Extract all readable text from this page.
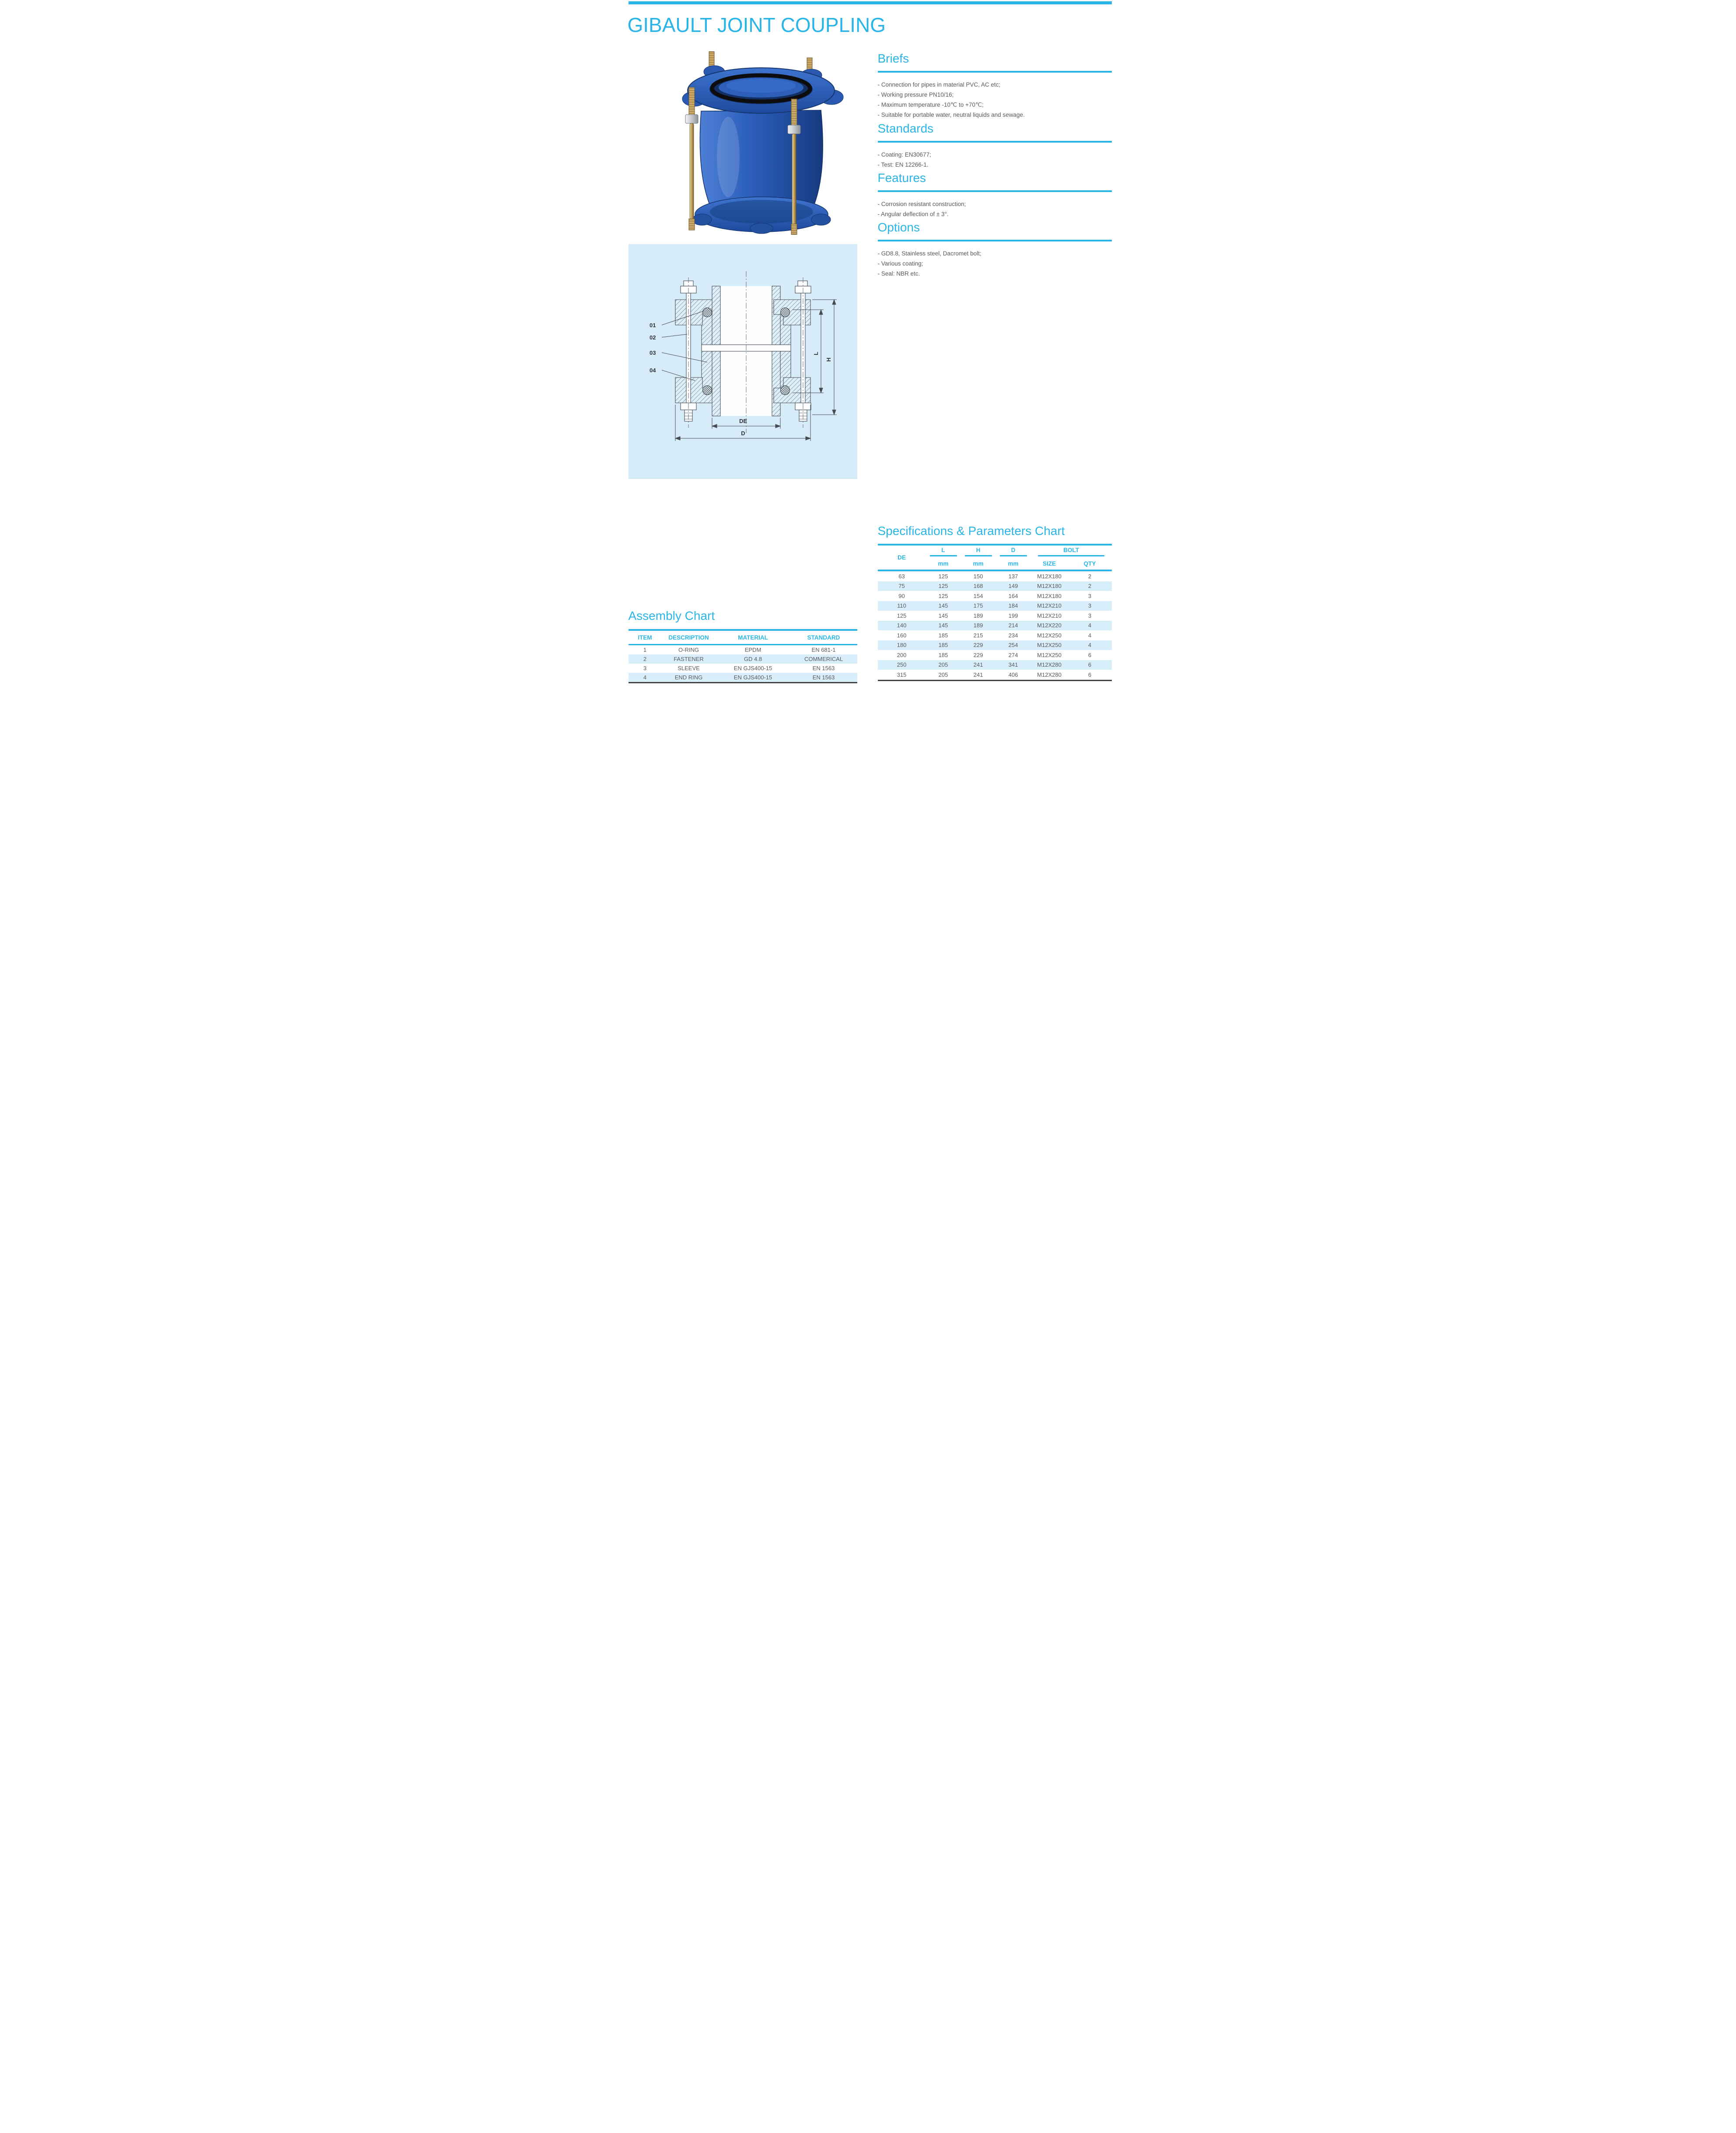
GIBAULT JOINT COUPLING
01
02
03
04
DE
D
L
H
Briefs
- Connection for pipes in material PVC, AC etc;
- Working pressure PN10/16;
- Maximum temperature -10℃ to +70℃;
- Suitable for portable water, neutral liquids and sewage.
Standards
- Coating: EN30677;
- Test: EN 12266-1.
Features
- Corrosion resistant construction;
- Angular deflection of ± 3°.
Options
- GD8.8, Stainless steel, Dacromet bolt;
- Various coating;
- Seal: NBR etc.
Specifications & Parameters Chart
DE
L	H	D	BOLT
mm	mm	mm	SIZE	QTY
63	125	150	137	M12X180	2
75	125	168	149	M12X180	2
90	125	154	164	M12X180	3
110	145	175	184	M12X210	3
125	145	189	199	M12X210	3
140	145	189	214	M12X220	4
160	185	215	234	M12X250	4
180	185	229	254	M12X250	4
200	185	229	274	M12X250	6
250	205	241	341	M12X280	6
315	205	241	406	M12X280	6
Assembly Chart
ITEM	DESCRIPTION	MATERIAL	STANDARD
1	O-RING	EPDM	EN 681-1
2	FASTENER	GD 4.8	COMMERICAL
3	SLEEVE	EN GJS400-15	EN 1563
4	END RING	EN GJS400-15	EN 1563
